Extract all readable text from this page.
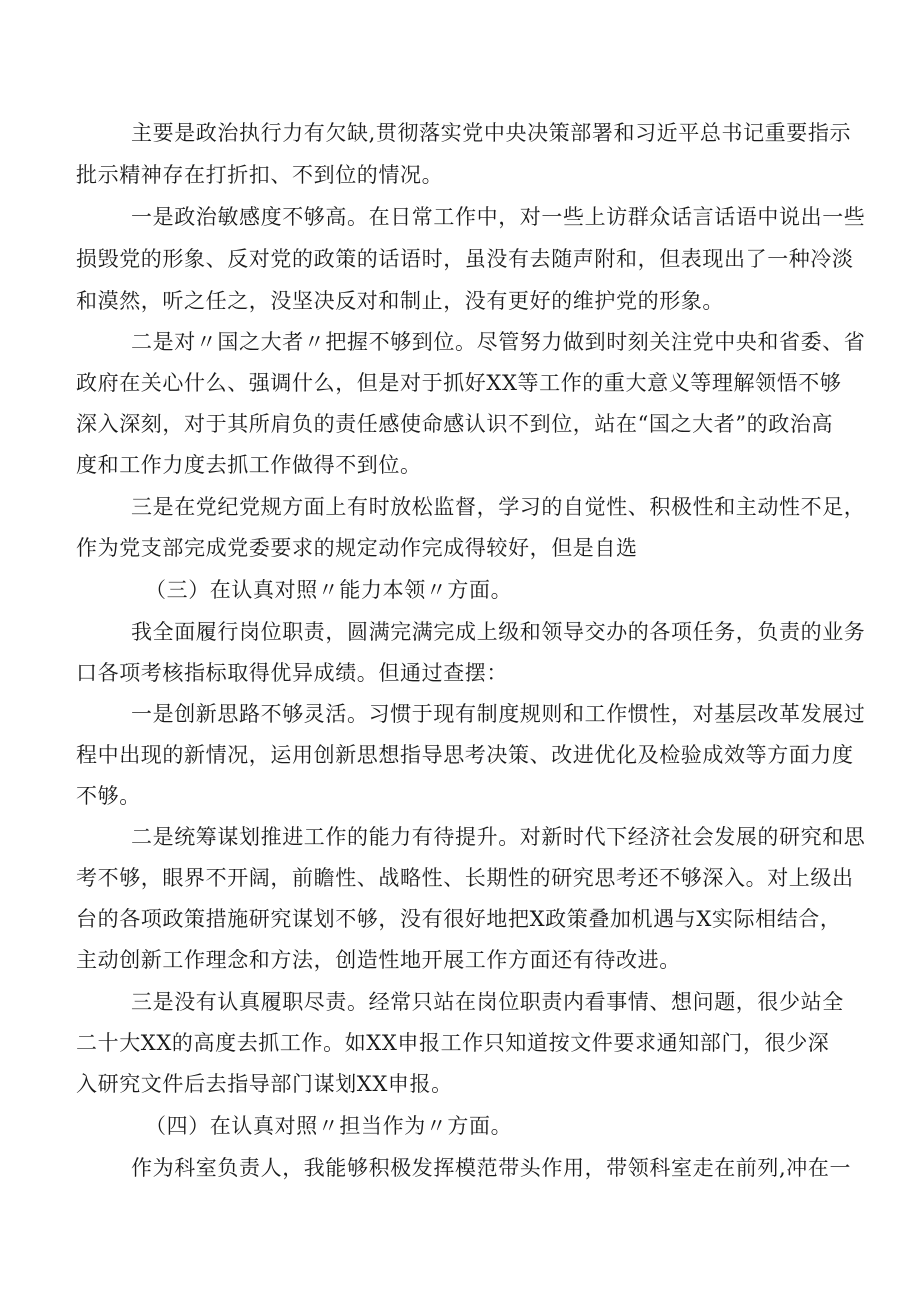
主要是政治执行力有欠缺,贯彻落实党中央决策部署和习近平总书记重要指示
批示精神存在打折扣、不到位的情况。
一是政治敏感度不够高。在日常工作中，对一些上访群众话言话语中说出一些
损毁党的形象、反对党的政策的话语时，虽没有去随声附和，但表现出了一种冷淡
和漠然，听之任之，没坚决反对和制止，没有更好的维护党的形象。
二是对〃国之大者〃把握不够到位。尽管努力做到时刻关注党中央和省委、省
政府在关心什么、强调什么，但是对于抓好XX等工作的重大意义等理解领悟不够
深入深刻，对于其所肩负的责任感使命感认识不到位，站在“国之大者”的政治高
度和工作力度去抓工作做得不到位。
三是在党纪党规方面上有时放松监督，学习的自觉性、积极性和主动性不足，
作为党支部完成党委要求的规定动作完成得较好，但是自选
（三）在认真对照〃能力本领〃方面。
我全面履行岗位职责，圆满完满完成上级和领导交办的各项任务，负责的业务
口各项考核指标取得优异成绩。但通过查摆：
一是创新思路不够灵活。习惯于现有制度规则和工作惯性，对基层改革发展过
程中出现的新情况，运用创新思想指导思考决策、改进优化及检验成效等方面力度
不够。
二是统筹谋划推进工作的能力有待提升。对新时代下经济社会发展的研究和思
考不够，眼界不开阔，前瞻性、战略性、长期性的研究思考还不够深入。对上级出
台的各项政策措施研究谋划不够，没有很好地把X政策叠加机遇与X实际相结合，
主动创新工作理念和方法，创造性地开展工作方面还有待改进。
三是没有认真履职尽责。经常只站在岗位职责内看事情、想问题，很少站全
二十大XX的高度去抓工作。如XX申报工作只知道按文件要求通知部门，很少深
入研究文件后去指导部门谋划XX申报。
（四）在认真对照〃担当作为〃方面。
作为科室负责人，我能够积极发挥模范带头作用，带领科室走在前列,冲在一
